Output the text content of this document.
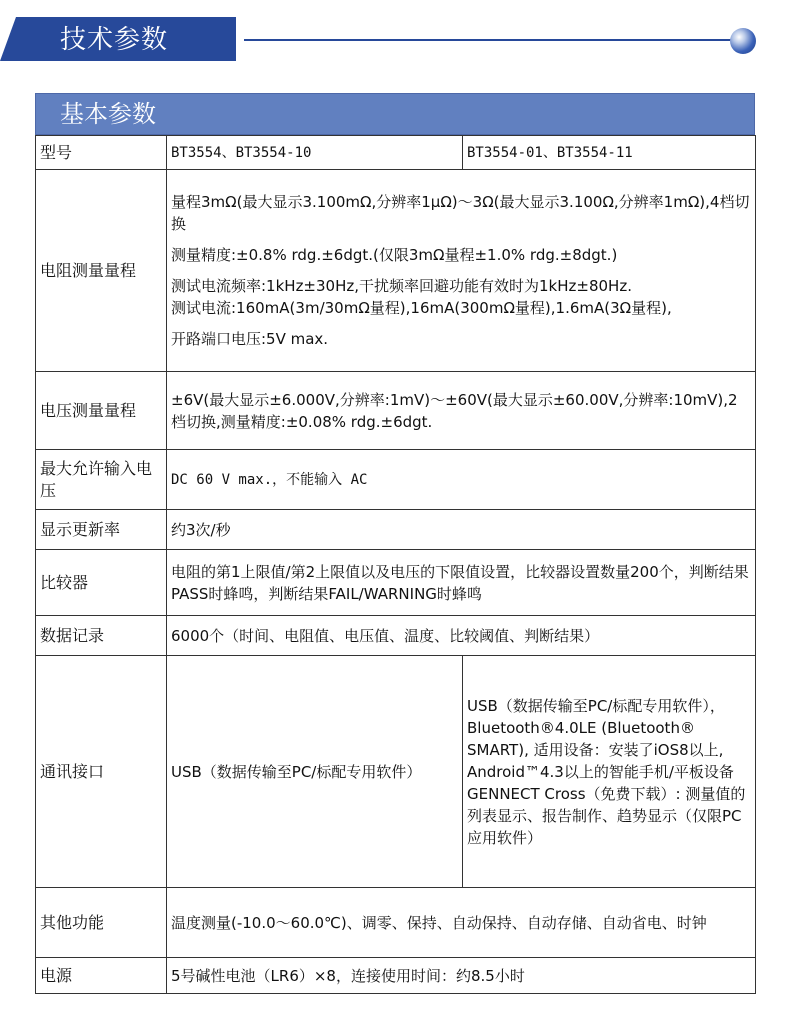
技术参数
基本参数
型号	BT3554、BT3554-10	BT3554-01、BT3554-11
电阻测量量程	量程3mΩ(最大显示3.100mΩ,分辨率1μΩ)～3Ω(最大显示3.100Ω,分辨率1mΩ),4档切换

测量精度:±0.8% rdg.±6dgt.(仅限3mΩ量程±1.0% rdg.±8dgt.)

测试电流频率:1kHz±30Hz,干扰频率回避功能有效时为1kHz±80Hz.

测试电流:160mA(3m/30mΩ量程),16mA(300mΩ量程),1.6mA(3Ω量程),

开路端口电压:5V max.	

电压测量量程	±6V(最大显示±6.000V,分辨率:1mV)～±60V(最大显示±60.00V,分辨率:10mV),2档切换,测量精度:±0.08% rdg.±6dgt.	
最大允许输入电压	DC 60 V max.，不能输入 AC	
显示更新率	约3次/秒	
比较器	电阻的第1上限值/第2上限值以及电压的下限值设置，比较器设置数量200个，判断结果PASS时蜂鸣，判断结果FAIL/WARNING时蜂鸣	
数据记录	6000个（时间、电阻值、电压值、温度、比较阈值、判断结果）	
通讯接口	USB（数据传输至PC/标配专用软件）	USB（数据传输至PC/标配专用软件），Bluetooth®4.0LE (Bluetooth® SMART), 适用设备：安装了iOS8以上, Android™4.3以上的智能手机/平板设备 GENNECT Cross（免费下载）: 测量值的列表显示、报告制作、趋势显示（仅限PC应用软件）
其他功能	温度测量(-10.0～60.0℃)、调零、保持、自动保持、自动存储、自动省电、时钟	
电源	5号碱性电池（LR6）×8，连接使用时间：约8.5小时	
